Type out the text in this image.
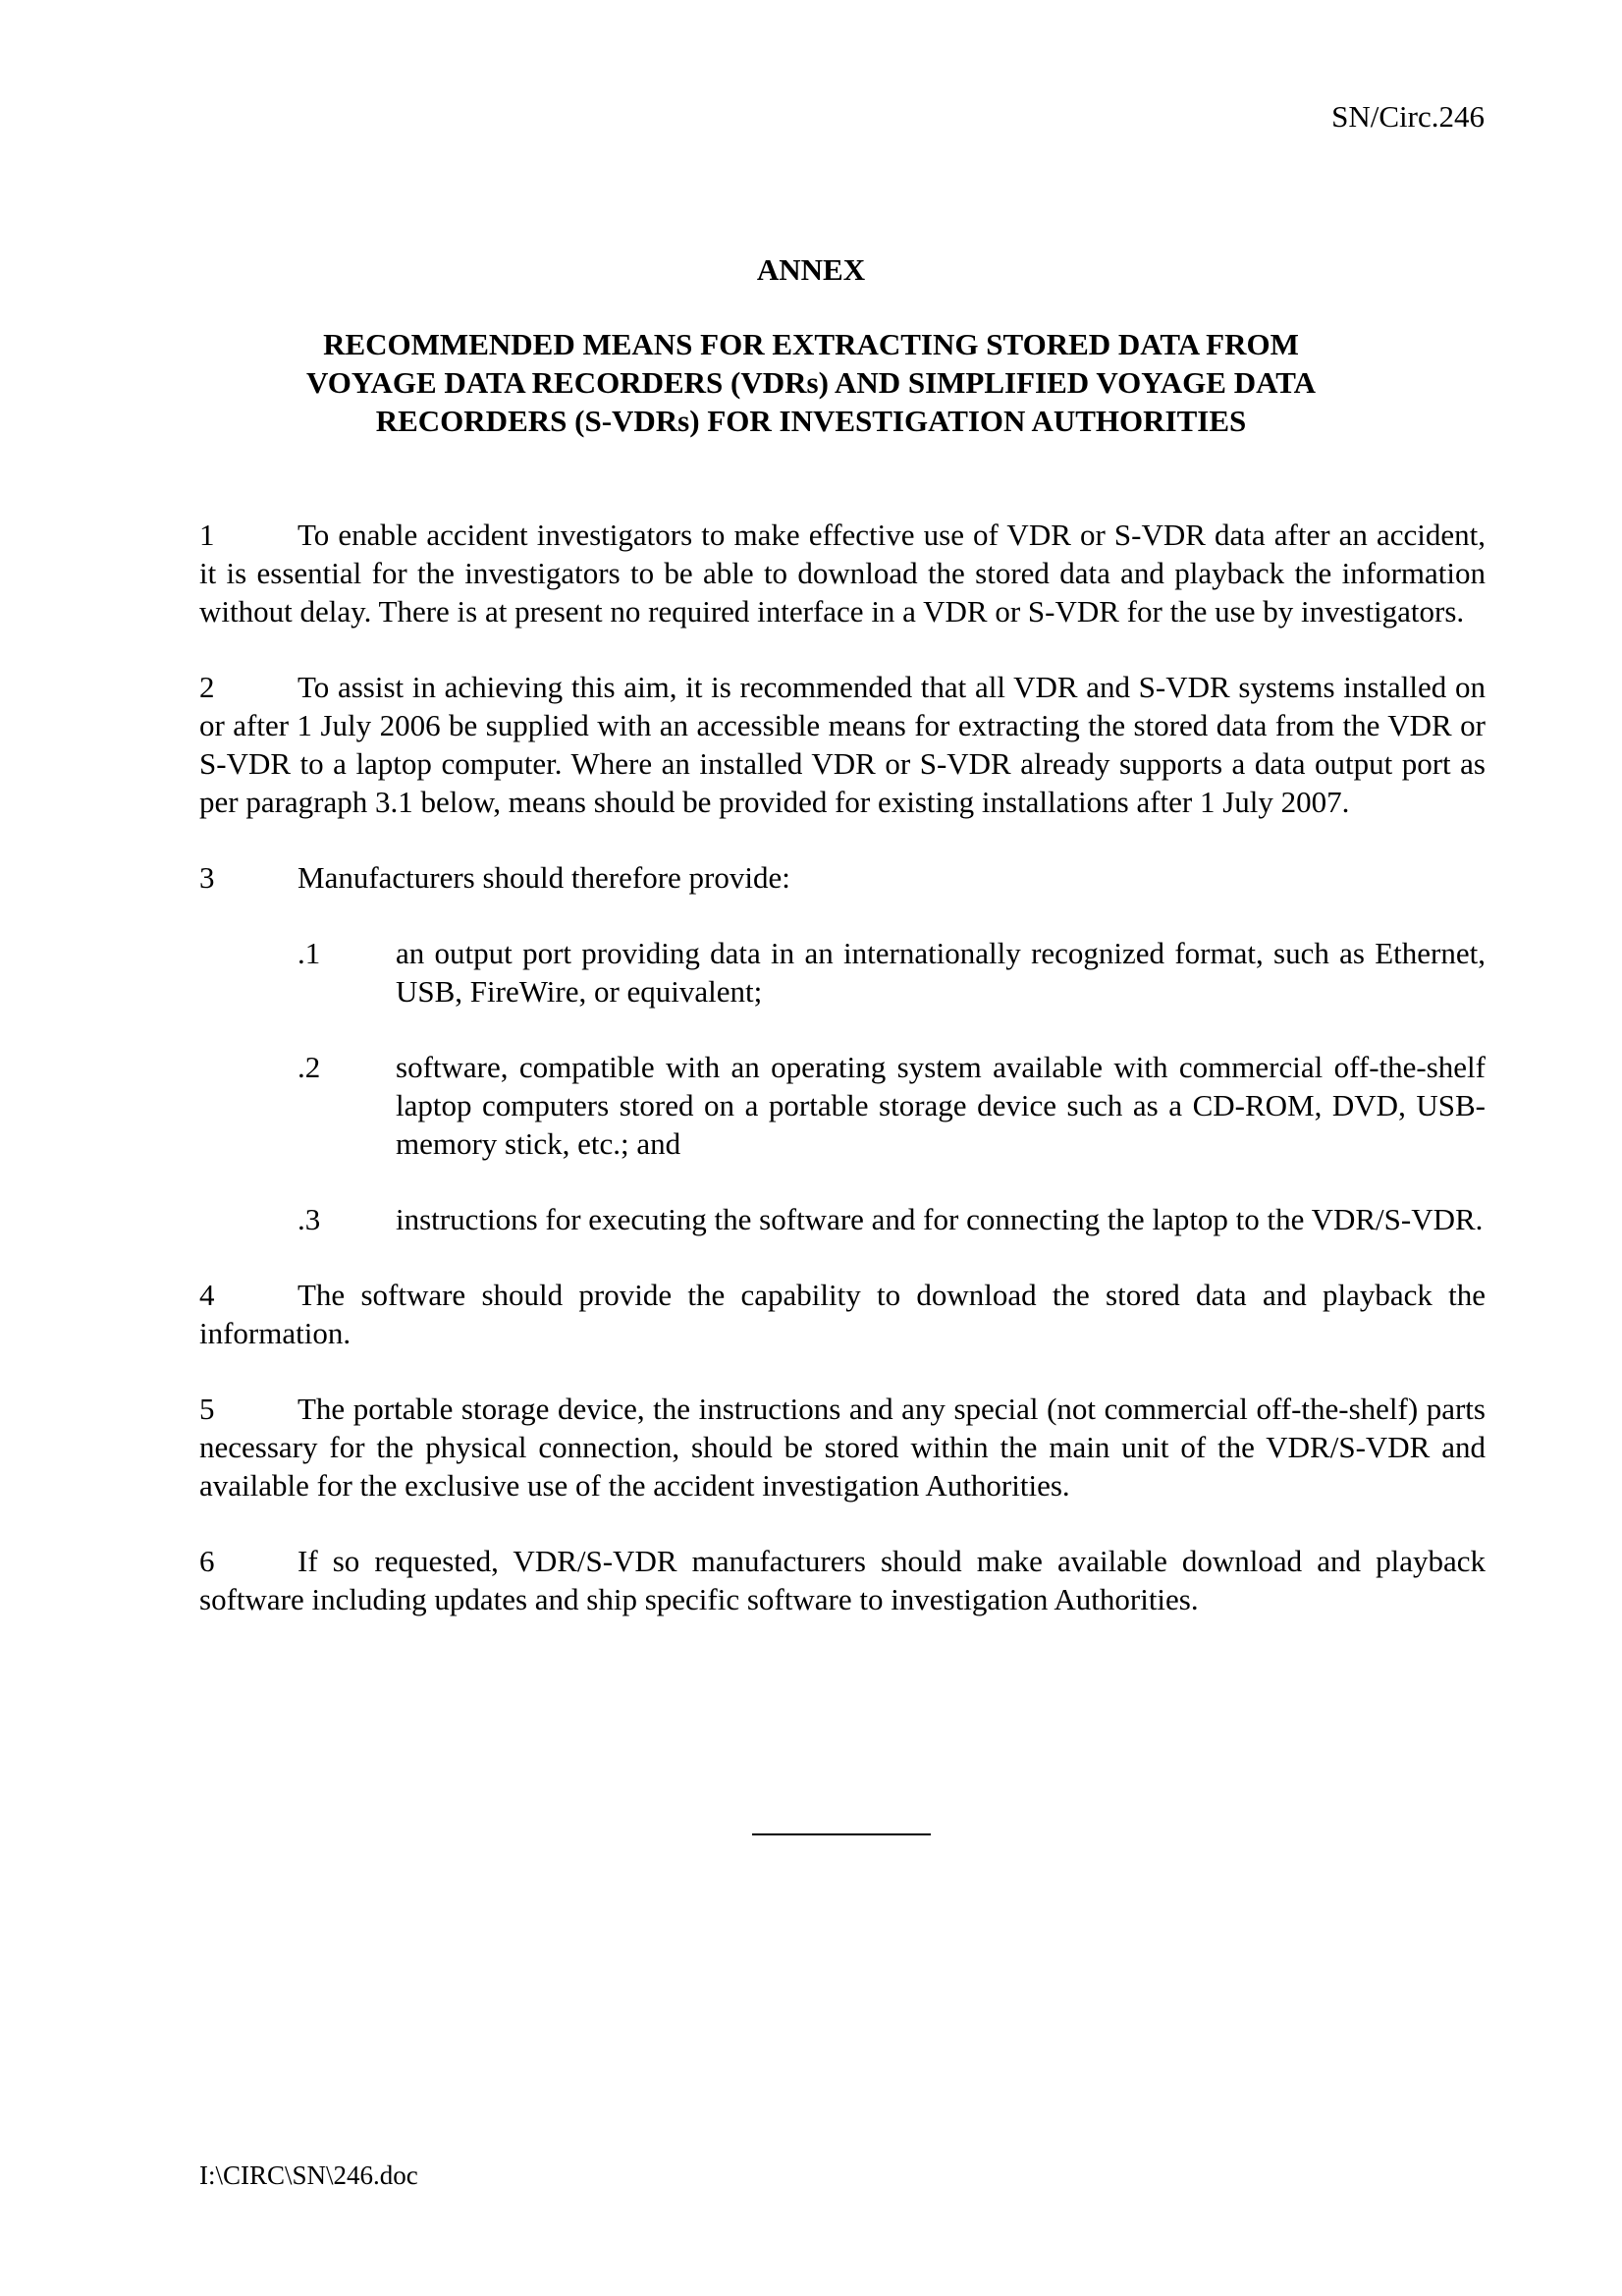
SN/Circ.246

ANNEX
RECOMMENDED MEANS FOR EXTRACTING STORED DATA FROM
VOYAGE DATA RECORDERS (VDRs) AND SIMPLIFIED VOYAGE DATA
RECORDERS (S-VDRs) FOR INVESTIGATION AUTHORITIES

1	To enable accident investigators to make effective use of VDR or S-VDR data after an accident, it is essential for the investigators to be able to download the stored data and playback the information without delay. There is at present no required interface in a VDR or S-VDR for the use by investigators.

2	To assist in achieving this aim, it is recommended that all VDR and S-VDR systems installed on or after 1 July 2006 be supplied with an accessible means for extracting the stored data from the VDR or S-VDR to a laptop computer. Where an installed VDR or S-VDR already supports a data output port as per paragraph 3.1 below, means should be provided for existing installations after 1 July 2007.

3	Manufacturers should therefore provide:

.1	an output port providing data in an internationally recognized format, such as Ethernet, USB, FireWire, or equivalent;
.2	software, compatible with an operating system available with commercial off-the-shelf laptop computers stored on a portable storage device such as a CD-ROM, DVD, USB-memory stick, etc.; and
.3	instructions for executing the software and for connecting the laptop to the VDR/S-VDR.

4	The software should provide the capability to download the stored data and playback the information.

5	The portable storage device, the instructions and any special (not commercial off-the-shelf) parts necessary for the physical connection, should be stored within the main unit of the VDR/S-VDR and available for the exclusive use of the accident investigation Authorities.

6	If so requested, VDR/S-VDR manufacturers should make available download and playback software including updates and ship specific software to investigation Authorities.

I:\CIRC\SN\246.doc
